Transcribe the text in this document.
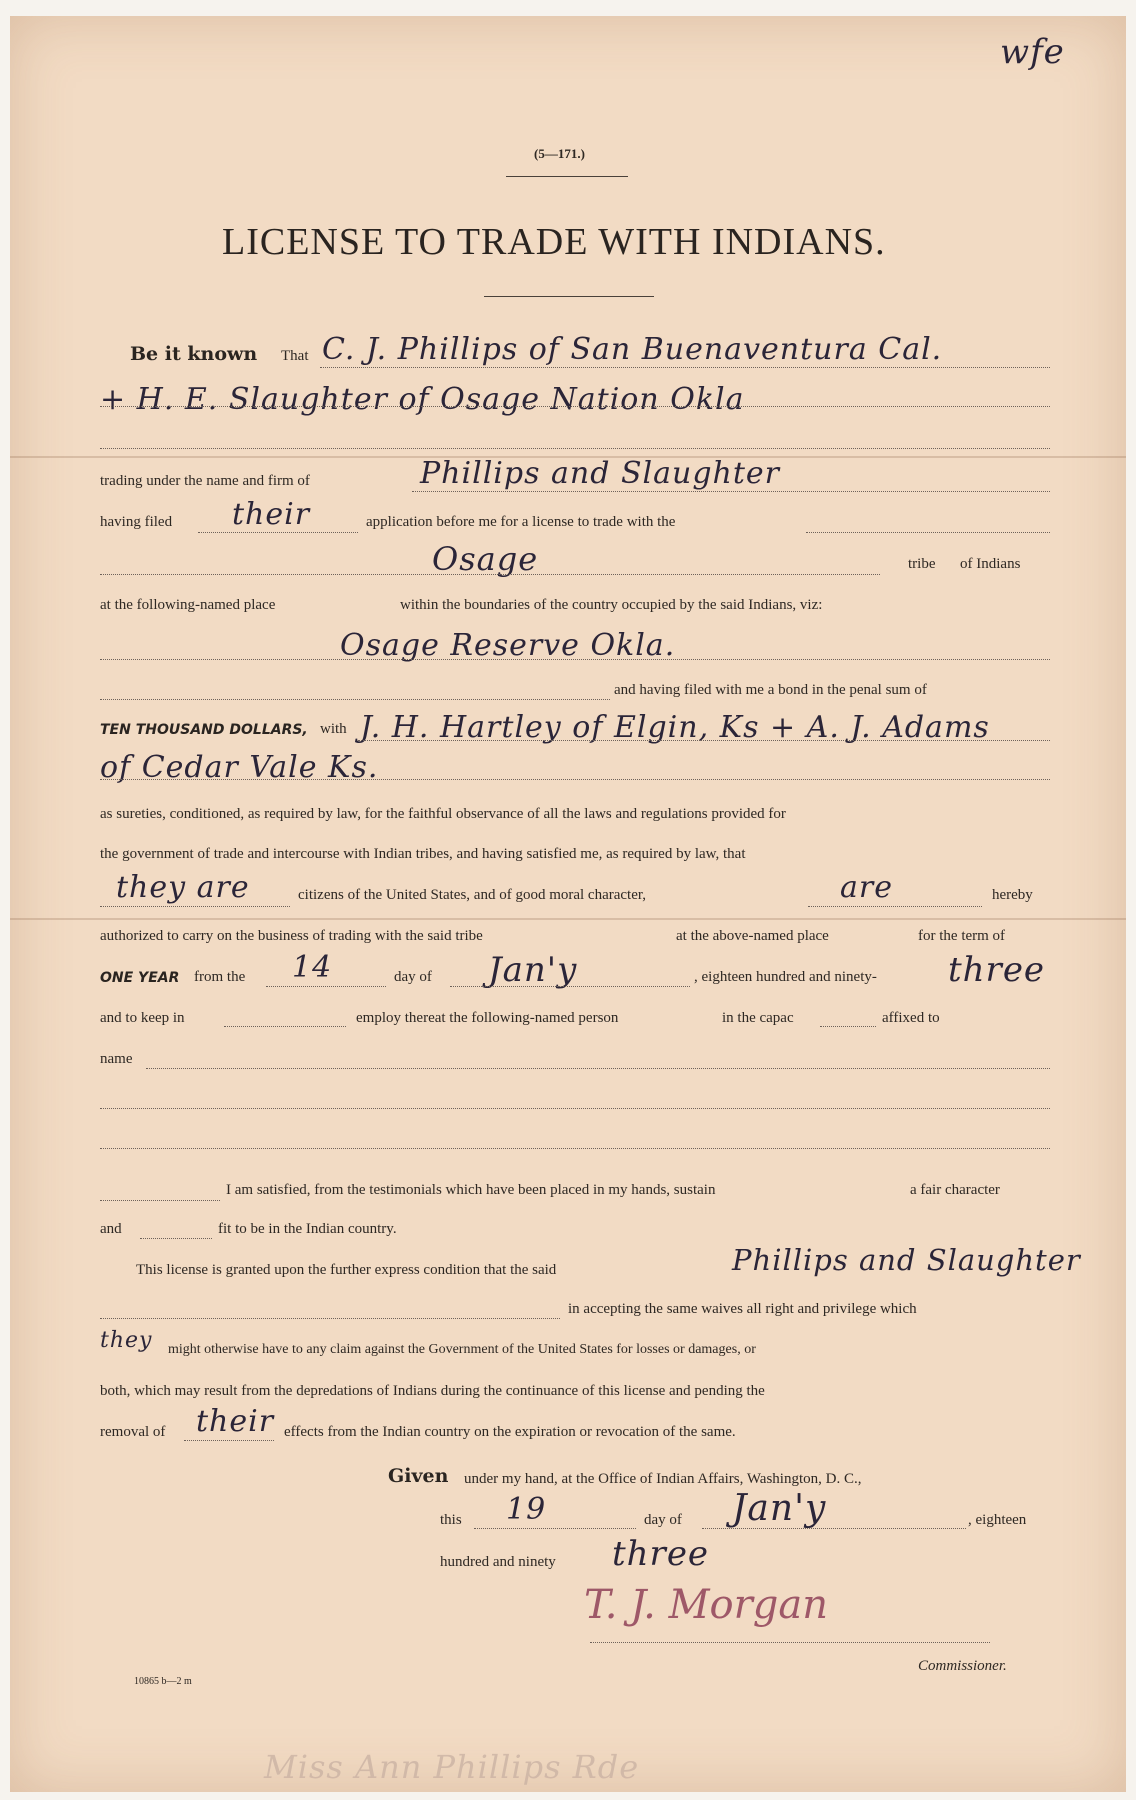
wfe
(5—171.)
LICENSE TO TRADE WITH INDIANS.
Be it known That C. J. Phillips of San Buenaventura Cal.
+ H. E. Slaughter of Osage Nation Okla
trading under the name and firm of	Phillips and Slaughter
having filed their	application before me for a license to trade with the
Osage	tribe of Indians
at the following-named place	within the boundaries of the country occupied by the said Indians, viz:
Osage Reserve Okla.
and having filed with me a bond in the penal sum of
TEN THOUSAND DOLLARS, with J. H. Hartley of Elgin, Ks + A. J. Adams
of Cedar Vale Ks.
as sureties, conditioned, as required by law, for the faithful observance of all the laws and regulations provided for
the government of trade and intercourse with Indian tribes, and having satisfied me, as required by law, that
they are	citizens of the United States, and of good moral character,	are	hereby
authorized to carry on the business of trading with the said tribe	at the above-named place	for the term of
ONE YEAR from the 14	day of Jan'y	, eighteen hundred and ninety- three
and to keep in	employ thereat the following-named person	in the capac	affixed to
name
I am satisfied, from the testimonials which have been placed in my hands, sustain	a fair character
and	fit to be in the Indian country.
This license is granted upon the further express condition that the said	Phillips and Slaughter
in accepting the same waives all right and privilege which
they might otherwise have to any claim against the Government of the United States for losses or damages, or
both, which may result from the depredations of Indians during the continuance of this license and pending the
removal of their effects from the Indian country on the expiration or revocation of the same.
Given under my hand, at the Office of Indian Affairs, Washington, D. C.,
this 19	day of Jan'y	, eighteen
hundred and ninety three
T. J. Morgan
Commissioner.
10865 b—2 m
Miss Ann Phillips Rde
